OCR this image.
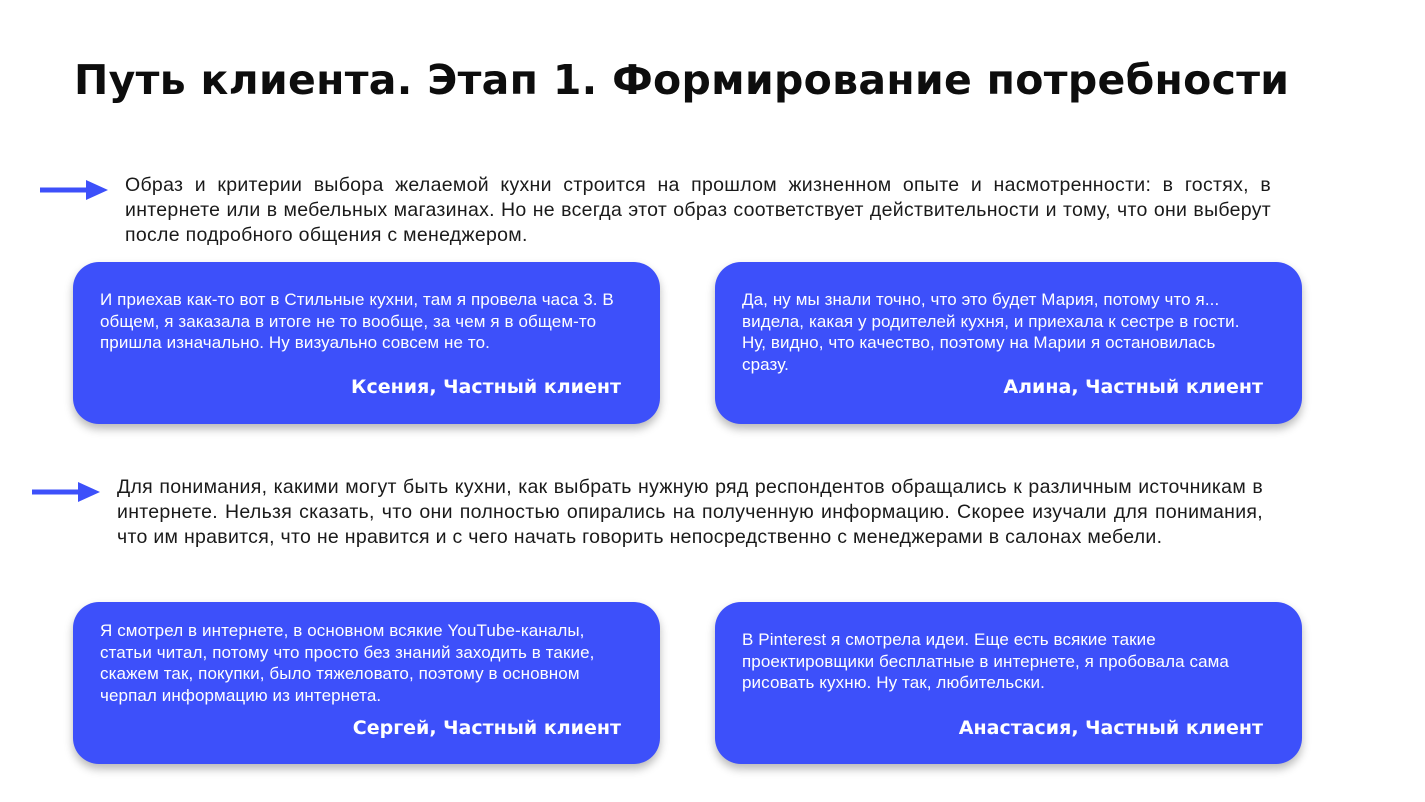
Путь клиента. Этап 1. Формирование потребности

Образ и критерии выбора желаемой кухни строится на прошлом жизненном опыте и насмотренности: в гостях, в интернете или в мебельных магазинах. Но не всегда этот образ соответствует действительности и тому, что они выберут после подробного общения с менеджером.

И приехав как-то вот в Стильные кухни, там я провела часа 3. В общем, я заказала в итоге не то вообще, за чем я в общем-то пришла изначально. Ну визуально совсем не то.

Ксения, Частный клиент

Да, ну мы знали точно, что это будет Мария, потому что я... видела, какая у родителей кухня, и приехала к сестре в гости. Ну, видно, что качество, поэтому на Марии я остановилась сразу.

Алина, Частный клиент

Для понимания, какими могут быть кухни, как выбрать нужную ряд респондентов обращались к различным источникам в интернете. Нельзя сказать, что они полностью опирались на полученную информацию. Скорее изучали для понимания, что им нравится, что не нравится и с чего начать говорить непосредственно с менеджерами в салонах мебели.

Я смотрел в интернете, в основном всякие YouTube-каналы, статьи читал, потому что просто без знаний заходить в такие, скажем так, покупки, было тяжеловато, поэтому в основном черпал информацию из интернета.

Сергей, Частный клиент

В Pinterest я смотрела идеи. Еще есть всякие такие проектировщики бесплатные в интернете, я пробовала сама рисовать кухню. Ну так, любительски.

Анастасия, Частный клиент
